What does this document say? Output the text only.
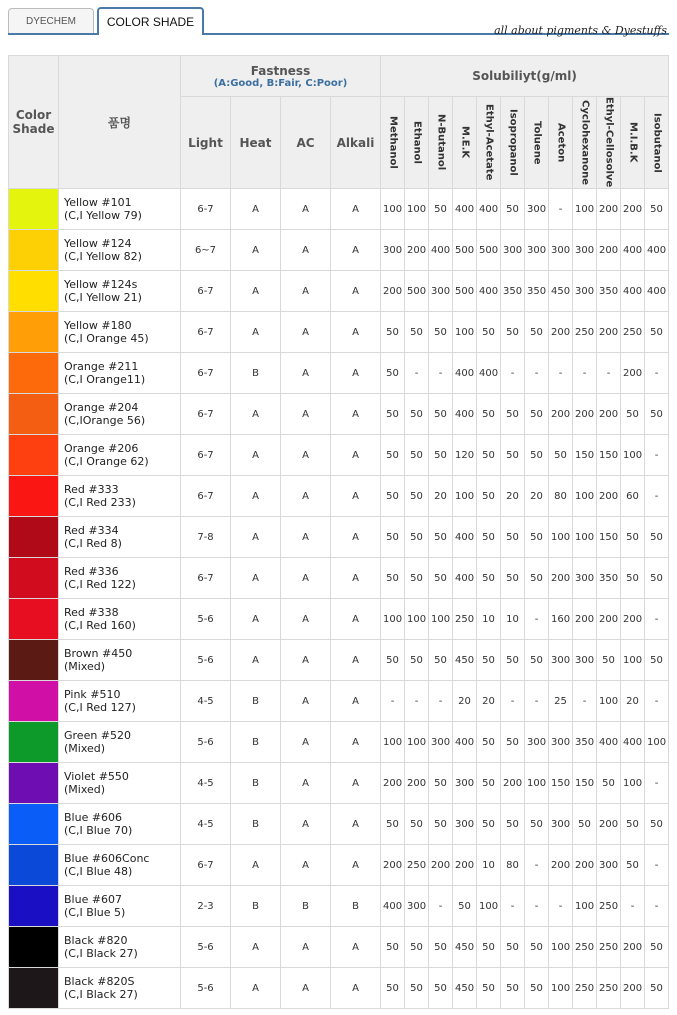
DYECHEM	COLOR SHADE
all about pigments & Dyestuffs
Color Shade	품명	Fastness
(A:Good, B:Fair, C:Poor)				Solubiliyt(g/ml)											
		Light	Heat	AC	Alkali	Methanol	Ethanol	N-Butanol	M.E.K	Ethyl-Acetate	Isopropanol	Toluene	Aceton	Cyclohexanone	Ethyl-Cellosolve	M.I.B.K	Isobutanol

	Yellow #101
(C,I Yellow 79)	6-7	A	A	A	100	100	50	400	400	50	300	-	100	200	200	50

	Yellow #124
(C,I Yellow 82)	6~7	A	A	A	300	200	400	500	500	300	300	300	300	200	400	400

	Yellow #124s
(C,I Yellow 21)	6-7	A	A	A	200	500	300	500	400	350	350	450	300	350	400	400

	Yellow #180
(C,I Orange 45)	6-7	A	A	A	50	50	50	100	50	50	50	200	250	200	250	50

	Orange #211
(C,I Orange11)	6-7	B	A	A	50	-	-	400	400	-	-	-	-	-	200	-

	Orange #204
(C,IOrange 56)	6-7	A	A	A	50	50	50	400	50	50	50	200	200	200	50	50

	Orange #206
(C,I Orange 62)	6-7	A	A	A	50	50	50	120	50	50	50	50	150	150	100	-

	Red #333
(C,I Red 233)	6-7	A	A	A	50	50	20	100	50	20	20	80	100	200	60	-

	Red #334
(C,I Red 8)	7-8	A	A	A	50	50	50	400	50	50	50	100	100	150	50	50

	Red #336
(C,I Red 122)	6-7	A	A	A	50	50	50	400	50	50	50	200	300	350	50	50

	Red #338
(C,I Red 160)	5-6	A	A	A	100	100	100	250	10	10	-	160	200	200	200	-

	Brown #450
(Mixed)	5-6	A	A	A	50	50	50	450	50	50	50	300	300	50	100	50

	Pink #510
(C,I Red 127)	4-5	B	A	A	-	-	-	20	20	-	-	25	-	100	20	-

	Green #520
(Mixed)	5-6	B	A	A	100	100	300	400	50	50	300	300	350	400	400	100

	Violet #550
(Mixed)	4-5	B	A	A	200	200	50	300	50	200	100	150	150	50	100	-

	Blue #606
(C,I Blue 70)	4-5	B	A	A	50	50	50	300	50	50	50	300	50	200	50	50

	Blue #606Conc
(C,I Blue 48)	6-7	A	A	A	200	250	200	200	10	80	-	200	200	300	50	-

	Blue #607
(C,I Blue 5)	2-3	B	B	B	400	300	-	50	100	-	-	-	100	250	-	-

	Black #820
(C,I Black 27)	5-6	A	A	A	50	50	50	450	50	50	50	100	250	250	200	50

	Black #820S
(C,I Black 27)	5-6	A	A	A	50	50	50	450	50	50	50	100	250	250	200	50
